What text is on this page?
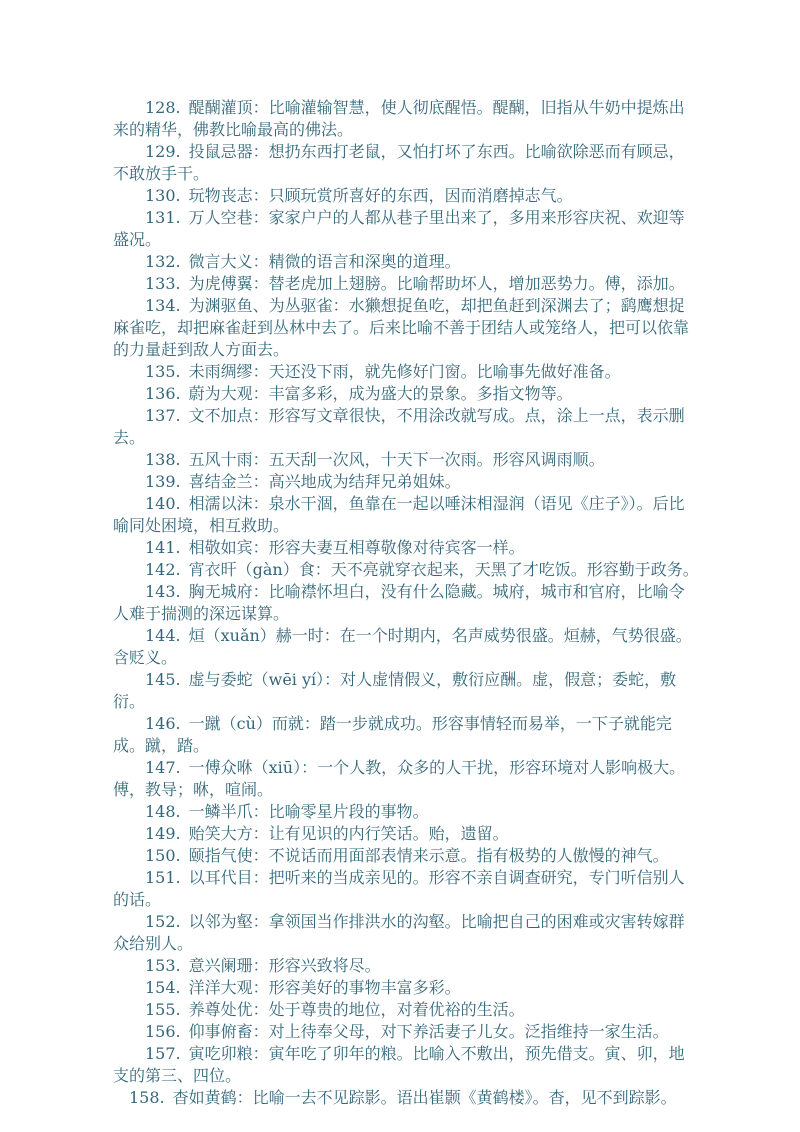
128. 醍醐灌顶：比喻灌输智慧，使人彻底醒悟。醍醐，旧指从牛奶中提炼出来的精华，佛教比喻最高的佛法。

129. 投鼠忌器：想扔东西打老鼠，又怕打坏了东西。比喻欲除恶而有顾忌，不敢放手干。

130. 玩物丧志：只顾玩赏所喜好的东西，因而消磨掉志气。

131. 万人空巷：家家户户的人都从巷子里出来了，多用来形容庆祝、欢迎等盛况。

132. 微言大义：精微的语言和深奥的道理。

133. 为虎傅翼：替老虎加上翅膀。比喻帮助坏人，增加恶势力。傅，添加。

134. 为渊驱鱼、为丛驱雀：水獭想捉鱼吃，却把鱼赶到深渊去了；鹞鹰想捉麻雀吃，却把麻雀赶到丛林中去了。后来比喻不善于团结人或笼络人，把可以依靠的力量赶到敌人方面去。

135. 未雨绸缪：天还没下雨，就先修好门窗。比喻事先做好准备。

136. 蔚为大观：丰富多彩，成为盛大的景象。多指文物等。

137. 文不加点：形容写文章很快，不用涂改就写成。点，涂上一点，表示删去。

138. 五风十雨：五天刮一次风，十天下一次雨。形容风调雨顺。

139. 喜结金兰：高兴地成为结拜兄弟姐妹。

140. 相濡以沫：泉水干涸，鱼靠在一起以唾沫相湿润（语见《庄子》）。后比喻同处困境，相互救助。

141. 相敬如宾：形容夫妻互相尊敬像对待宾客一样。

142. 宵衣旰（gàn）食：天不亮就穿衣起来，天黑了才吃饭。形容勤于政务。

143. 胸无城府：比喻襟怀坦白，没有什么隐藏。城府，城市和官府，比喻令人难于揣测的深远谋算。

144. 烜（xuǎn）赫一时：在一个时期内，名声威势很盛。烜赫，气势很盛。含贬义。

145. 虚与委蛇（wēi yí）：对人虚情假义，敷衍应酬。虚，假意；委蛇，敷衍。

146. 一蹴（cù）而就：踏一步就成功。形容事情轻而易举，一下子就能完成。蹴，踏。

147. 一傅众咻（xiū）：一个人教，众多的人干扰，形容环境对人影响极大。傅，教导；咻，喧闹。

148. 一鳞半爪：比喻零星片段的事物。

149. 贻笑大方：让有见识的内行笑话。贻，遗留。

150. 颐指气使：不说话而用面部表情来示意。指有极势的人傲慢的神气。

151. 以耳代目：把听来的当成亲见的。形容不亲自调查研究，专门听信别人的话。

152. 以邻为壑：拿领国当作排洪水的沟壑。比喻把自己的困难或灾害转嫁群众给别人。

153. 意兴阑珊：形容兴致将尽。

154. 洋洋大观：形容美好的事物丰富多彩。

155. 养尊处优：处于尊贵的地位，对着优裕的生活。

156. 仰事俯畜：对上待奉父母，对下养活妻子儿女。泛指维持一家生活。

157. 寅吃卯粮：寅年吃了卯年的粮。比喻入不敷出，预先借支。寅、卯，地支的第三、四位。

158. 杳如黄鹤：比喻一去不见踪影。语出崔颢《黄鹤楼》。杳，见不到踪影。
